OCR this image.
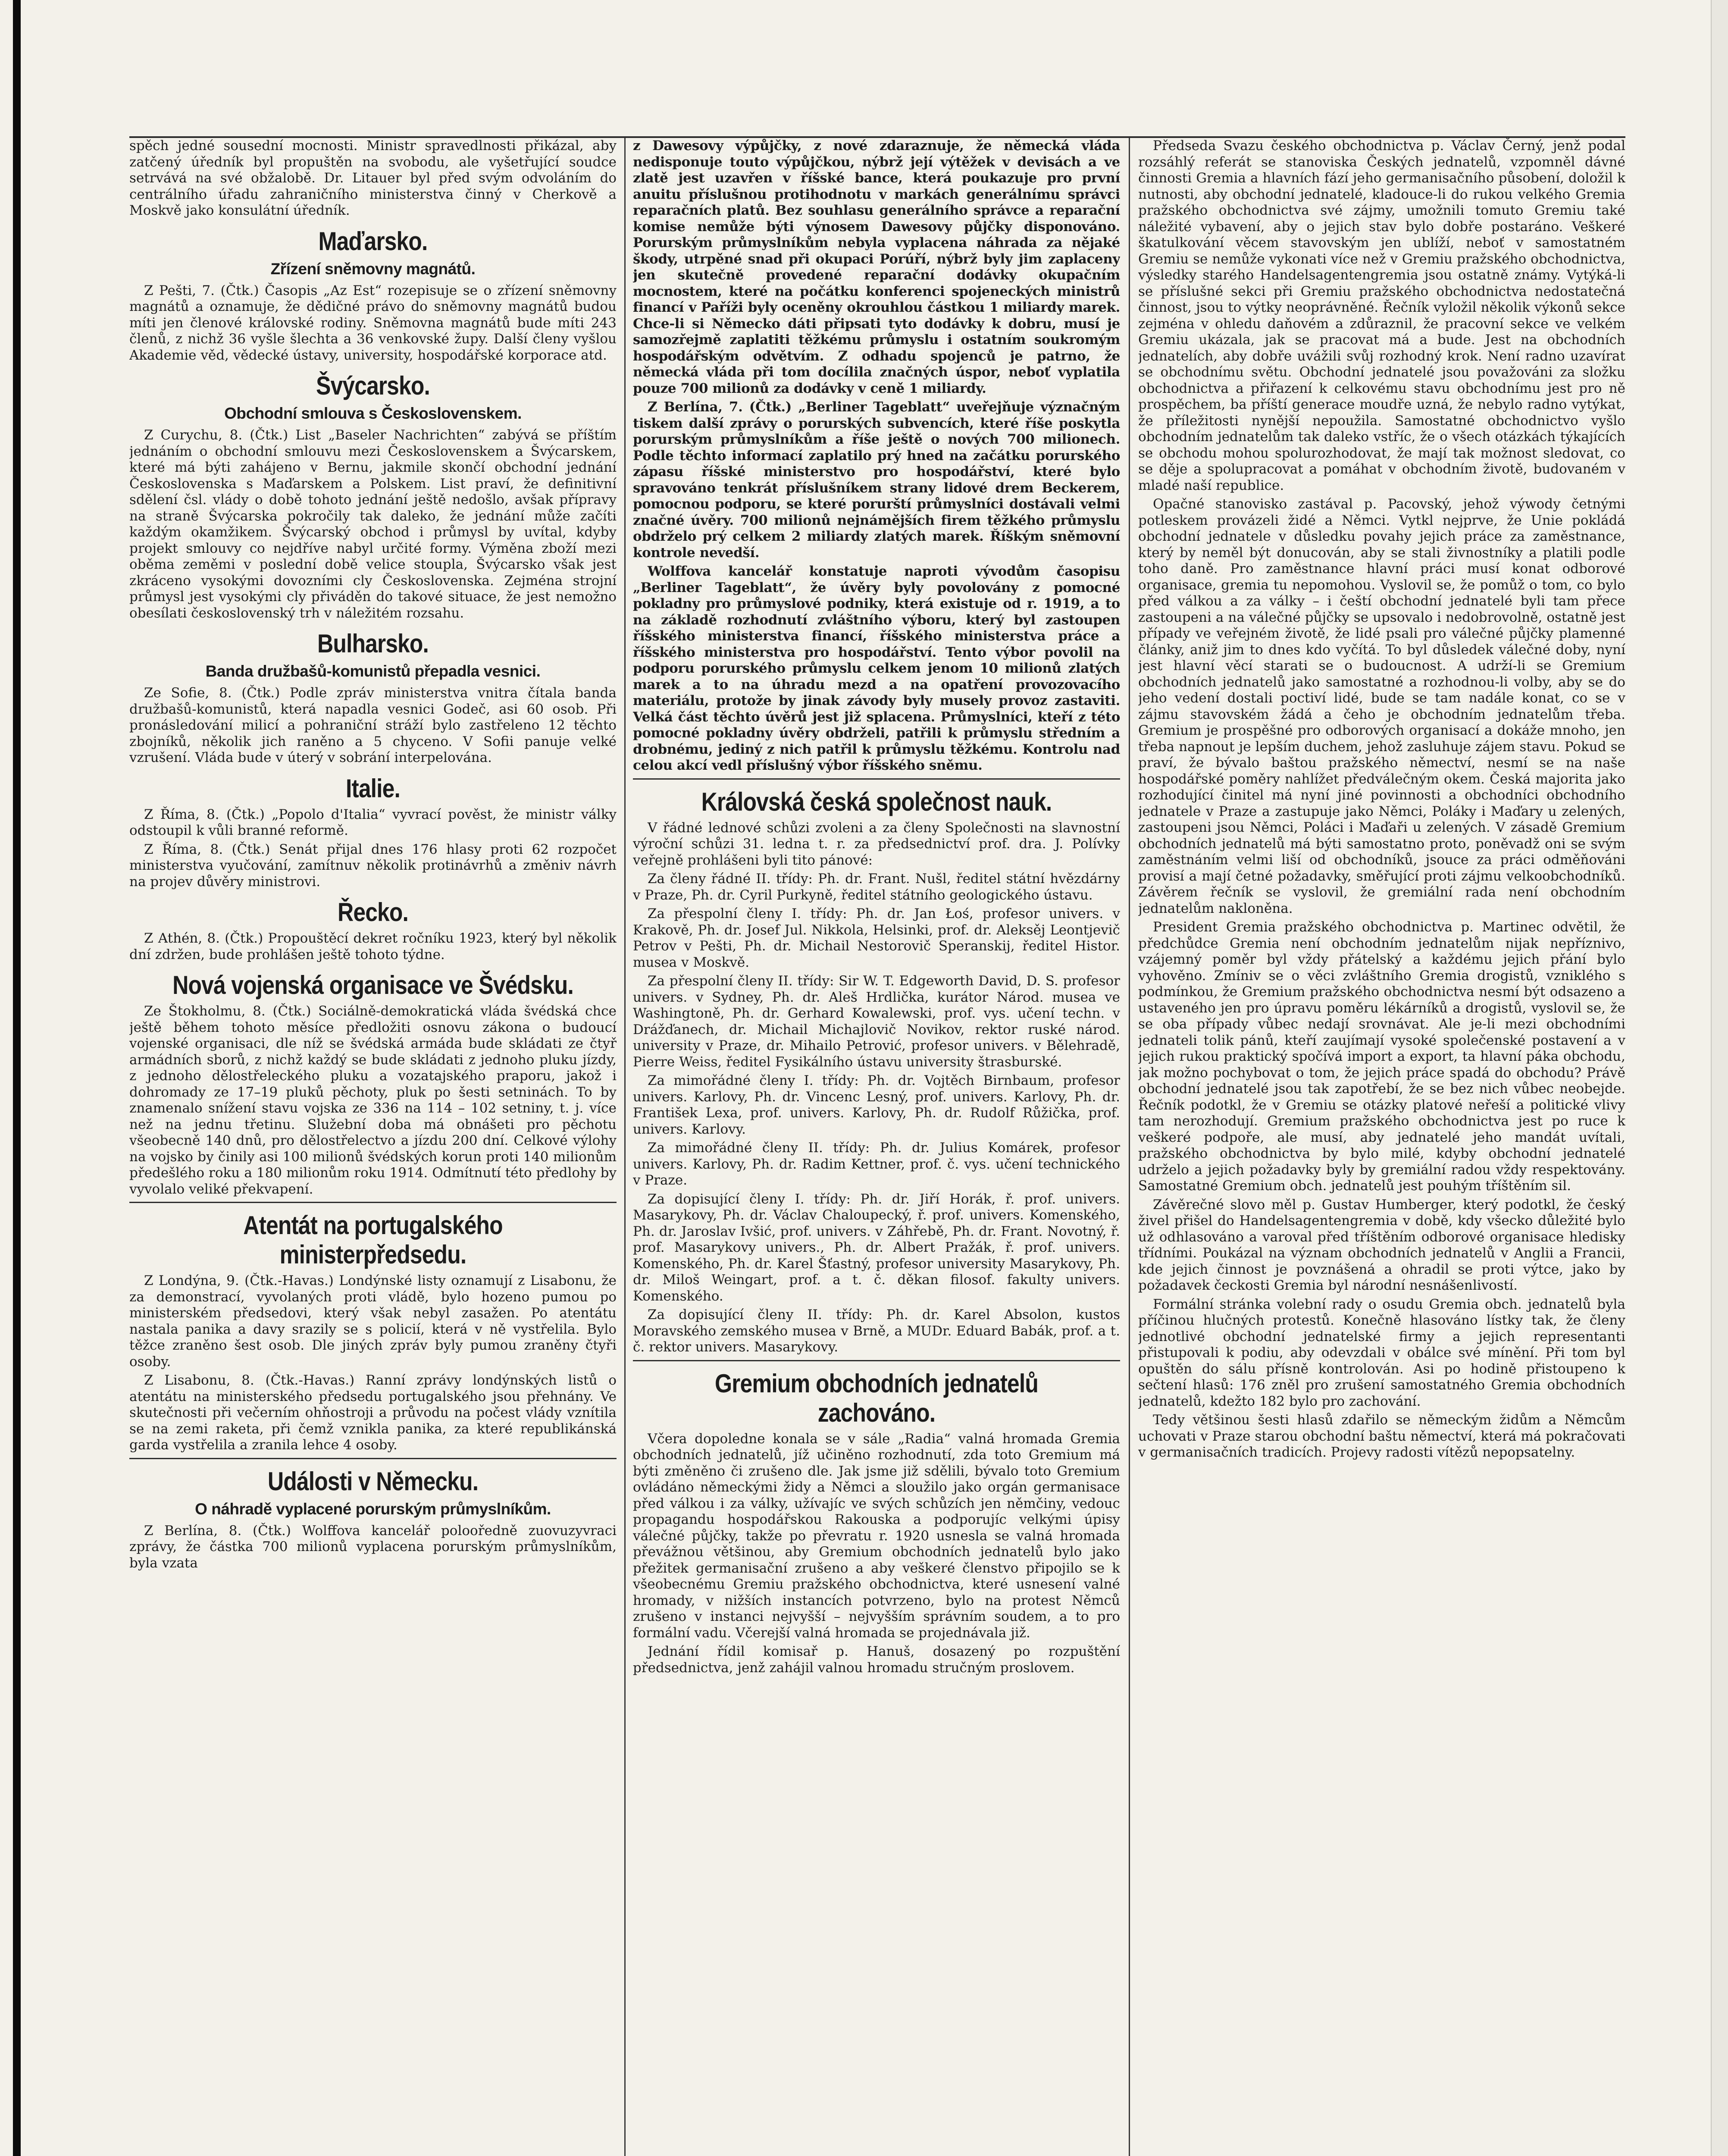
spěch jedné sousední mocnosti. Ministr spravedlnosti přikázal, aby zatčený úředník byl propuštěn na svobodu, ale vyšetřující soudce setrvává na své obžalobě. Dr. Litauer byl před svým odvoláním do centrálního úřadu zahraničního ministerstva činný v Cherkově a Moskvě jako konsulátní úředník.

Maďarsko.
Zřízení sněmovny magnátů.

Z Pešti, 7. (Čtk.) Časopis „Az Est“ rozepisuje se o zřízení sněmovny magnátů a oznamuje, že dědičné právo do sněmovny magnátů budou míti jen členové královské rodiny. Sněmovna magnátů bude míti 243 členů, z nichž 36 vyšle šlechta a 36 venkovské župy. Další členy vyšlou Akademie věd, vědecké ústavy, university, hospodářské korporace atd.

Švýcarsko.
Obchodní smlouva s Československem.

Z Curychu, 8. (Čtk.) List „Baseler Nachrichten“ zabývá se příštím jednáním o obchodní smlouvu mezi Československem a Švýcarskem, které má býti zahájeno v Bernu, jakmile skončí obchodní jednání Československa s Maďarskem a Polskem. List praví, že definitivní sdělení čsl. vlády o době tohoto jednání ještě nedošlo, avšak přípravy na straně Švýcarska pokročily tak daleko, že jednání může začíti každým okamžikem. Švýcarský obchod i průmysl by uvítal, kdyby projekt smlouvy co nejdříve nabyl určité formy. Výměna zboží mezi oběma zeměmi v poslední době velice stoupla, Švýcarsko však jest zkráceno vysokými dovozními cly Československa. Zejména strojní průmysl jest vysokými cly přiváděn do takové situace, že jest nemožno obesílati československý trh v náležitém rozsahu.

Bulharsko.
Banda družbašů-komunistů přepadla vesnici.

Ze Sofie, 8. (Čtk.) Podle zpráv ministerstva vnitra čítala banda družbašů-komunistů, která napadla vesnici Godeč, asi 60 osob. Při pronásledování milicí a pohraniční stráží bylo zastřeleno 12 těchto zbojníků, několik jich raněno a 5 chyceno. V Sofii panuje velké vzrušení. Vláda bude v úterý v sobrání interpelována.

Italie.

Z Říma, 8. (Čtk.) „Popolo d'Italia“ vyvrací pověst, že ministr války odstoupil k vůli branné reformě.

Z Říma, 8. (Čtk.) Senát přijal dnes 176 hlasy proti 62 rozpočet ministerstva vyučování, zamítnuv několik protinávrhů a změniv návrh na projev důvěry ministrovi.

Řecko.

Z Athén, 8. (Čtk.) Propouštěcí dekret ročníku 1923, který byl několik dní zdržen, bude prohlášen ještě tohoto týdne.

Nová vojenská organisace ve Švédsku.

Ze Štokholmu, 8. (Čtk.) Sociálně-demokratická vláda švédská chce ještě během tohoto měsíce předložiti osnovu zákona o budoucí vojenské organisaci, dle níž se švédská armáda bude skládati ze čtyř armádních sborů, z nichž každý se bude skládati z jednoho pluku jízdy, z jednoho dělostřeleckého pluku a vozatajského praporu, jakož i dohromady ze 17–19 pluků pěchoty, pluk po šesti setninách. To by znamenalo snížení stavu vojska ze 336 na 114 – 102 setniny, t. j. více než na jednu třetinu. Služební doba má obnášeti pro pěchotu všeobecně 140 dnů, pro dělostřelectvo a jízdu 200 dní. Celkové výlohy na vojsko by činily asi 100 milionů švédských korun proti 140 milionům předešlého roku a 180 milionům roku 1914. Odmítnutí této předlohy by vyvolalo veliké překvapení.

Atentát na portugalského ministerpředsedu.

Z Londýna, 9. (Čtk.-Havas.) Londýnské listy oznamují z Lisabonu, že za demonstrací, vyvolaných proti vládě, bylo hozeno pumou po ministerském předsedovi, který však nebyl zasažen. Po atentátu nastala panika a davy srazily se s policií, která v ně vystřelila. Bylo těžce zraněno šest osob. Dle jiných zpráv byly pumou zraněny čtyři osoby.

Z Lisabonu, 8. (Čtk.-Havas.) Ranní zprávy londýnských listů o atentátu na ministerského předsedu portugalského jsou přehnány. Ve skutečnosti při večerním ohňostroji a průvodu na počest vlády vznítila se na zemi raketa, při čemž vznikla panika, za které republikánská garda vystřelila a zranila lehce 4 osoby.

Události v Německu.
O náhradě vyplacené porurským průmyslníkům.

Z Berlína, 8. (Čtk.) Wolffova kancelář polooředně zuovuzyvraci zprávy, že částka 700 milionů vyplacena porurským průmyslníkům, byla vzata

z Dawesovy výpůjčky, z nové zdaraznuje, že německá vláda nedisponuje touto výpůjčkou, nýbrž její výtěžek v devisách a ve zlatě jest uzavřen v říšské bance, která poukazuje pro první anuitu příslušnou protihodnotu v markách generálnímu správci reparačních platů. Bez souhlasu generálního správce a reparační komise nemůže býti výnosem Dawesovy půjčky disponováno. Porurským průmyslníkům nebyla vyplacena náhrada za nějaké škody, utrpěné snad při okupaci Porúří, nýbrž byly jim zaplaceny jen skutečně provedené reparační dodávky okupačním mocnostem, které na počátku konferenci spojeneckých ministrů financí v Paříži byly oceněny okrouhlou částkou 1 miliardy marek. Chce-li si Německo dáti připsati tyto dodávky k dobru, musí je samozřejmě zaplatiti těžkému průmyslu i ostatním soukromým hospodářským odvětvím. Z odhadu spojenců je patrno, že německá vláda při tom docílila značných úspor, neboť vyplatila pouze 700 milionů za dodávky v ceně 1 miliardy.

Z Berlína, 7. (Čtk.) „Berliner Tageblatt“ uveřejňuje význačným tiskem další zprávy o porurských subvencích, které říše poskytla porurským průmyslníkům a říše ještě o nových 700 milionech. Podle těchto informací zaplatilo prý hned na začátku porurského zápasu říšské ministerstvo pro hospodářství, které bylo spravováno tenkrát příslušníkem strany lidové drem Beckerem, pomocnou podporu, se které porurští průmyslníci dostávali velmi značné úvěry. 700 milionů nejnámějších firem těžkého průmyslu obdrželo prý celkem 2 miliardy zlatých marek. Říškým sněmovní kontrole nevedší.

Wolffova kancelář konstatuje naproti vývodům časopisu „Berliner Tageblatt“, že úvěry byly povolovány z pomocné pokladny pro průmyslové podniky, která existuje od r. 1919, a to na základě rozhodnutí zvláštního výboru, který byl zastoupen říšského ministerstva financí, říšského ministerstva práce a říšského ministerstva pro hospodářství. Tento výbor povolil na podporu porurského průmyslu celkem jenom 10 milionů zlatých marek a to na úhradu mezd a na opatření provozovacího materiálu, protože by jinak závody byly musely provoz zastaviti. Velká část těchto úvěrů jest již splacena. Průmyslníci, kteří z této pomocné pokladny úvěry obdrželi, patřili k průmyslu středním a drobnému, jediný z nich patřil k průmyslu těžkému. Kontrolu nad celou akcí vedl příslušný výbor říšského sněmu.

Královská česká společnost nauk.

V řádné lednové schůzi zvoleni a za členy Společnosti na slavnostní výroční schůzi 31. ledna t. r. za předsednictví prof. dra. J. Polívky veřejně prohlášeni byli tito pánové:

Za členy řádné II. třídy: Ph. dr. Frant. Nušl, ředitel státní hvězdárny v Praze, Ph. dr. Cyril Purkyně, ředitel státního geologického ústavu.

Za přespolní členy I. třídy: Ph. dr. Jan Łoś, profesor univers. v Krakově, Ph. dr. Josef Jul. Nikkola, Helsinki, prof. dr. Aleksěj Leontjevič Petrov v Pešti, Ph. dr. Michail Nestorovič Speranskij, ředitel Histor. musea v Moskvě.

Za přespolní členy II. třídy: Sir W. T. Edgeworth David, D. S. profesor univers. v Sydney, Ph. dr. Aleš Hrdlička, kurátor Národ. musea ve Washingtoně, Ph. dr. Gerhard Kowalewski, prof. vys. učení techn. v Drážďanech, dr. Michail Michajlovič Novikov, rektor ruské národ. university v Praze, dr. Mihailo Petrović, profesor univers. v Bělehradě, Pierre Weiss, ředitel Fysikálního ústavu university štrasburské.

Za mimořádné členy I. třídy: Ph. dr. Vojtěch Birnbaum, profesor univers. Karlovy, Ph. dr. Vincenc Lesný, prof. univers. Karlovy, Ph. dr. František Lexa, prof. univers. Karlovy, Ph. dr. Rudolf Růžička, prof. univers. Karlovy.

Za mimořádné členy II. třídy: Ph. dr. Julius Komárek, profesor univers. Karlovy, Ph. dr. Radim Kettner, prof. č. vys. učení technického v Praze.

Za dopisující členy I. třídy: Ph. dr. Jiří Horák, ř. prof. univers. Masarykovy, Ph. dr. Václav Chaloupecký, ř. prof. univers. Komenského, Ph. dr. Jaroslav Ivšić, prof. univers. v Záhřebě, Ph. dr. Frant. Novotný, ř. prof. Masarykovy univers., Ph. dr. Albert Pražák, ř. prof. univers. Komenského, Ph. dr. Karel Šťastný, profesor university Masarykovy, Ph. dr. Miloš Weingart, prof. a t. č. děkan filosof. fakulty univers. Komenského.

Za dopisující členy II. třídy: Ph. dr. Karel Absolon, kustos Moravského zemského musea v Brně, a MUDr. Eduard Babák, prof. a t. č. rektor univers. Masarykovy.

Gremium obchodních jednatelů zachováno.

Včera dopoledne konala se v sále „Radia“ valná hromada Gremia obchodních jednatelů, jíž učiněno rozhodnutí, zda toto Gremium má býti změněno či zrušeno dle. Jak jsme již sdělili, bývalo toto Gremium ovládáno německými židy a Němci a sloužilo jako orgán germanisace před válkou i za války, užívajíc ve svých schůzích jen němčiny, vedouc propagandu hospodářskou Rakouska a podporujíc velkými úpisy válečné půjčky, takže po převratu r. 1920 usnesla se valná hromada převážnou většinou, aby Gremium obchodních jednatelů bylo jako přežitek germanisační zrušeno a aby veškeré členstvo připojilo se k všeobecnému Gremiu pražského obchodnictva, které usnesení valné hromady, v nižších instancích potvrzeno, bylo na protest Němců zrušeno v instanci nejvyšší – nejvyšším správním soudem, a to pro formální vadu. Včerejší valná hromada se projednávala již.

Jednání řídil komisař p. Hanuš, dosazený po rozpuštění předsednictva, jenž zahájil valnou hromadu stručným proslovem.

Předseda Svazu českého obchodnictva p. Václav Černý, jenž podal rozsáhlý referát se stanoviska Českých jednatelů, vzpomněl dávné činnosti Gremia a hlavních fází jeho germanisačního působení, doložil k nutnosti, aby obchodní jednatelé, kladouce-li do rukou velkého Gremia pražského obchodnictva své zájmy, umožnili tomuto Gremiu také náležité vybavení, aby o jejich stav bylo dobře postaráno. Veškeré škatulkování věcem stavovským jen ublíží, neboť v samostatném Gremiu se nemůže vykonati více než v Gremiu pražského obchodnictva, výsledky starého Handelsagentengremia jsou ostatně známy. Vytýká-li se příslušné sekci při Gremiu pražského obchodnictva nedostatečná činnost, jsou to výtky neoprávněné. Řečník vyložil několik výkonů sekce zejména v ohledu daňovém a zdůraznil, že pracovní sekce ve velkém Gremiu ukázala, jak se pracovat má a bude. Jest na obchodních jednatelích, aby dobře uvážili svůj rozhodný krok. Není radno uzavírat se obchodnímu světu. Obchodní jednatelé jsou považováni za složku obchodnictva a přiřazení k celkovému stavu obchodnímu jest pro ně prospěchem, ba příští generace moudře uzná, že nebylo radno vytýkat, že příležitosti nynější nepoužila. Samostatné obchodnictvo vyšlo obchodním jednatelům tak daleko vstříc, že o všech otázkách týkajících se obchodu mohou spolurozhodovat, že mají tak možnost sledovat, co se děje a spolupracovat a pomáhat v obchodním životě, budovaném v mladé naší republice.

Opačné stanovisko zastával p. Pacovský, jehož výwody četnými potleskem provázeli židé a Němci. Vytkl nejprve, že Unie pokládá obchodní jednatele v důsledku povahy jejich práce za zaměstnance, který by neměl být donucován, aby se stali živnostníky a platili podle toho daně. Pro zaměstnance hlavní práci musí konat odborové organisace, gremia tu nepomohou. Vyslovil se, že pomůž o tom, co bylo před válkou a za války – i čeští obchodní jednatelé byli tam přece zastoupeni a na válečné půjčky se upsovalo i nedobrovolně, ostatně jest případy ve veřejném životě, že lidé psali pro válečné půjčky plamenné články, aniž jim to dnes kdo vyčítá. To byl důsledek válečné doby, nyní jest hlavní věcí starati se o budoucnost. A udrží-li se Gremium obchodních jednatelů jako samostatné a rozhodnou-li volby, aby se do jeho vedení dostali poctiví lidé, bude se tam nadále konat, co se v zájmu stavovském žádá a čeho je obchodním jednatelům třeba. Gremium je prospěšné pro odborových organisací a dokáže mnoho, jen třeba napnout je lepším duchem, jehož zasluhuje zájem stavu. Pokud se praví, že bývalo baštou pražského němectví, nesmí se na naše hospodářské poměry nahlížet předválečným okem. Česká majorita jako rozhodující činitel má nyní jiné povinnosti a obchodníci obchodního jednatele v Praze a zastupuje jako Němci, Poláky i Maďary u zelených, zastoupeni jsou Němci, Poláci i Maďaři u zelených. V zásadě Gremium obchodních jednatelů má býti samostatno proto, poněvadž oni se svým zaměstnáním velmi liší od obchodníků, jsouce za práci odměňováni provisí a mají četné požadavky, směřující proti zájmu velkoobchodníků. Závěrem řečník se vyslovil, že gremiální rada není obchodním jednatelům nakloněna.

President Gremia pražského obchodnictva p. Martinec odvětil, že předchůdce Gremia není obchodním jednatelům nijak nepříznivo, vzájemný poměr byl vždy přátelský a každému jejich přání bylo vyhověno. Zmíniv se o věci zvláštního Gremia drogistů, vzniklého s podmínkou, že Gremium pražského obchodnictva nesmí být odsazeno a ustaveného jen pro úpravu poměru lékárníků a drogistů, vyslovil se, že se oba případy vůbec nedají srovnávat. Ale je-li mezi obchodními jednateli tolik pánů, kteří zaujímají vysoké společenské postavení a v jejich rukou praktický spočívá import a export, ta hlavní páka obchodu, jak možno pochybovat o tom, že jejich práce spadá do obchodu? Právě obchodní jednatelé jsou tak zapotřebí, že se bez nich vůbec neobejde. Řečník podotkl, že v Gremiu se otázky platové neřeší a politické vlivy tam nerozhodují. Gremium pražského obchodnictva jest po ruce k veškeré podpoře, ale musí, aby jednatelé jeho mandát uvítali, pražského obchodnictva by bylo milé, kdyby obchodní jednatelé udrželo a jejich požadavky byly by gremiální radou vždy respektovány. Samostatné Gremium obch. jednatelů jest pouhým tříštěním sil.

Závěrečné slovo měl p. Gustav Humberger, který podotkl, že český živel přišel do Handelsagentengremia v době, kdy všecko důležité bylo už odhlasováno a varoval před tříštěním odborové organisace hledisky třídními. Poukázal na význam obchodních jednatelů v Anglii a Francii, kde jejich činnost je povznášená a ohradil se proti výtce, jako by požadavek čeckosti Gremia byl národní nesnášenlivostí.

Formální stránka volební rady o osudu Gremia obch. jednatelů byla příčinou hlučných protestů. Konečně hlasováno lístky tak, že členy jednotlivé obchodní jednatelské firmy a jejich representanti přistupovali k podiu, aby odevzdali v obálce své mínění. Při tom byl opuštěn do sálu přísně kontrolován. Asi po hodině přistoupeno k sečtení hlasů: 176 zněl pro zrušení samostatného Gremia obchodních jednatelů, kdežto 182 bylo pro zachování.

Tedy většinou šesti hlasů zdařilo se německým židům a Němcům uchovati v Praze starou obchodní baštu němectví, která má pokračovati v germanisačních tradicích. Projevy radosti vítězů nepopsatelny.
